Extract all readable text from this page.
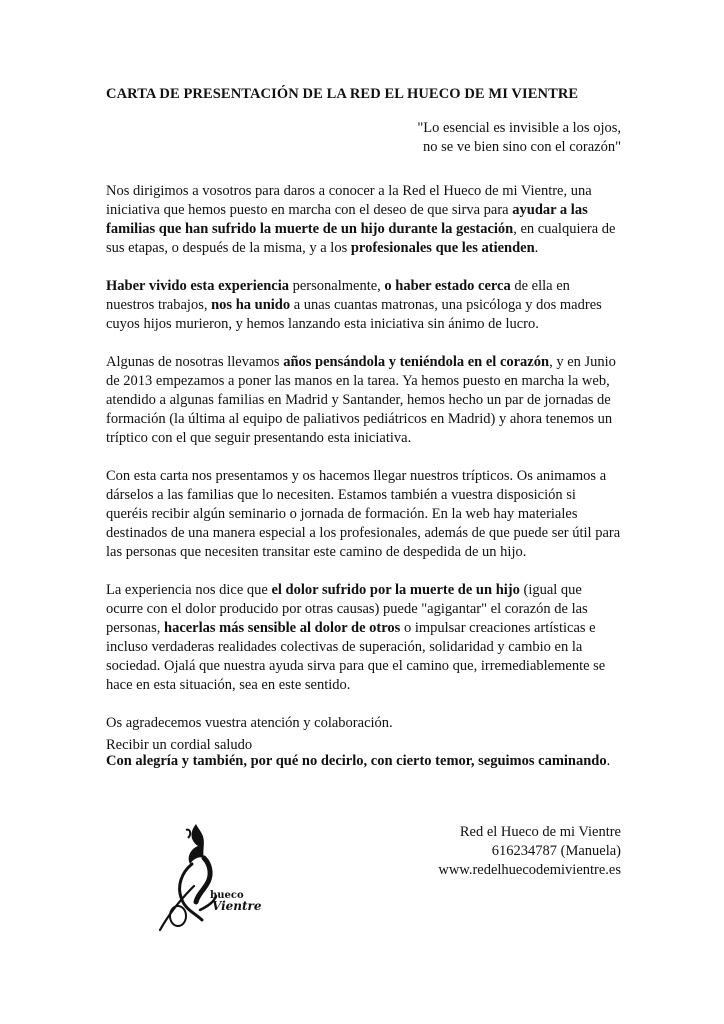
CARTA DE PRESENTACIÓN DE LA RED EL HUECO DE MI VIENTRE
"Lo esencial es invisible a los ojos,
no se ve bien sino con el corazón"

Nos dirigimos a vosotros para daros a conocer a la Red el Hueco de mi Vientre, una iniciativa que hemos puesto en marcha con el deseo de que sirva para ayudar a las familias que han sufrido la muerte de un hijo durante la gestación, en cualquiera de sus etapas, o después de la misma, y a los profesionales que les atienden.

Haber vivido esta experiencia personalmente, o haber estado cerca de ella en nuestros trabajos, nos ha unido a unas cuantas matronas, una psicóloga y dos madres cuyos hijos murieron, y hemos lanzando esta iniciativa sin ánimo de lucro.

Algunas de nosotras llevamos años pensándola y teniéndola en el corazón, y en Junio de 2013 empezamos a poner las manos en la tarea. Ya hemos puesto en marcha la web, atendido a algunas familias en Madrid y Santander, hemos hecho un par de jornadas de formación (la última al equipo de paliativos pediátricos en Madrid) y ahora tenemos un tríptico con el que seguir presentando esta iniciativa.

Con esta carta nos presentamos y os hacemos llegar nuestros trípticos. Os animamos a dárselos a las familias que lo necesiten. Estamos también a vuestra disposición si queréis recibir algún seminario o jornada de formación. En la web hay materiales destinados de una manera especial a los profesionales, además de que puede ser útil para las personas que necesiten transitar este camino de despedida de un hijo.

La experiencia nos dice que el dolor sufrido por la muerte de un hijo (igual que ocurre con el dolor producido por otras causas) puede "agigantar" el corazón de las personas, hacerlas más sensible al dolor de otros o impulsar creaciones artísticas e incluso verdaderas realidades colectivas de superación, solidaridad y cambio en la sociedad. Ojalá que nuestra ayuda sirva para que el camino que, irremediablemente se hace en esta situación, sea en este sentido.

Os agradecemos vuestra atención y colaboración.

Con alegría y también, por qué no decirlo, con cierto temor, seguimos caminando.

Recibir un cordial saludo
Red el Hueco de mi Vientre
616234787 (Manuela)
www.redelhuecodemivientre.es
hueco
Vientre
